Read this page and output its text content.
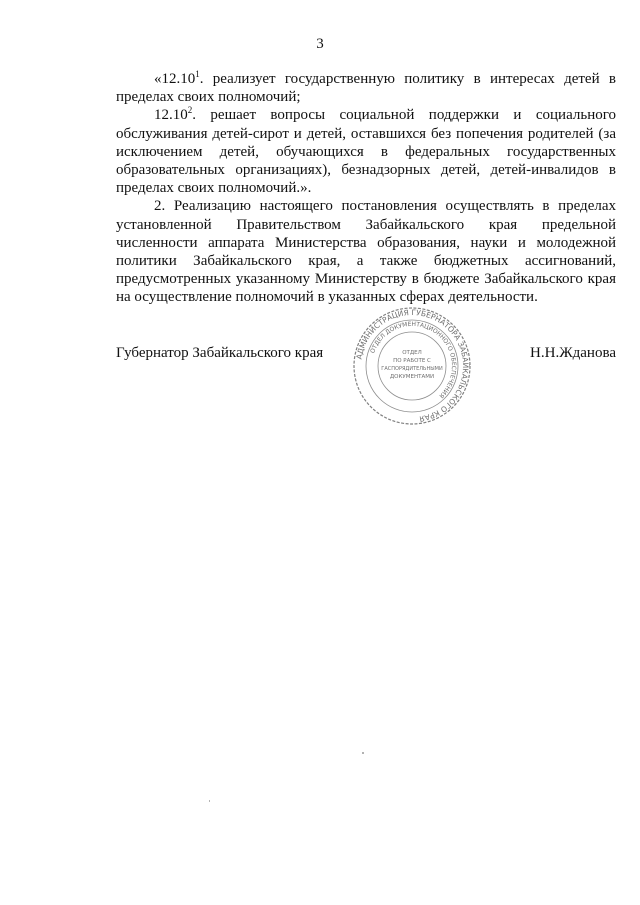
3

«12.10$^1$. реализует государственную политику в интересах детей в пределах своих полномочий;

12.10$^2$. решает вопросы социальной поддержки и социального обслуживания детей-сирот и детей, оставшихся без попечения родителей (за исключением детей, обучающихся в федеральных государственных образовательных организациях), безнадзорных детей, детей-инвалидов в пределах своих полномочий.».

2. Реализацию настоящего постановления осуществлять в пределах установленной Правительством Забайкальского края предельной численности аппарата Министерства образования, науки и молодежной политики Забайкальского края, а также бюджетных ассигнований, предусмотренных указанному Министерству в бюджете Забайкальского края на осуществление полномочий в указанных сферах деятельности.

АДМИНИСТРАЦИЯ ГУБЕРНАТОРА ЗАБАЙКАЛЬСКОГО КРАЯ
ОТДЕЛ ДОКУМЕНТАЦИОННОГО ОБЕСПЕЧЕНИЯ
ОТДЕЛ
ПО РАБОТЕ С
ГАСПОРЯДИТЕЛЬНЫМИ
ДОКУМЕНТАМИ
Губернатор Забайкальского края	Н.Н.Жданова
